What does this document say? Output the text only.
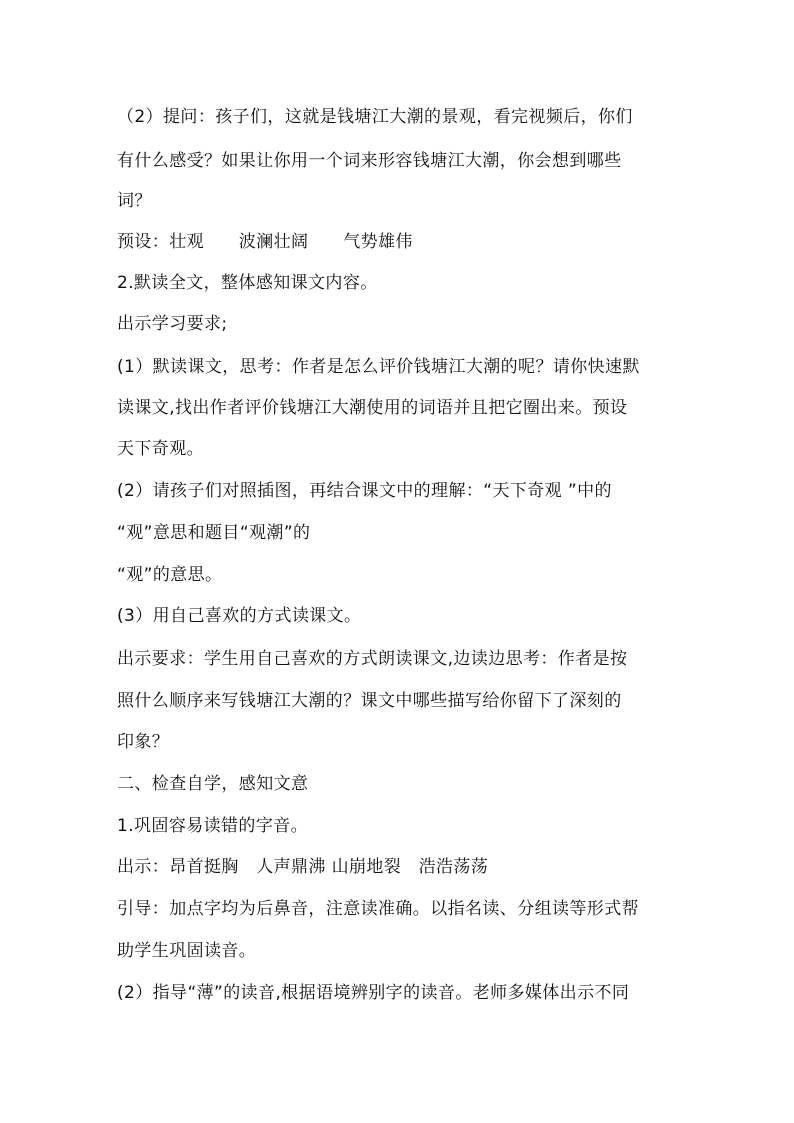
（2）提问：孩子们，这就是钱塘江大潮的景观，看完视频后，你们
有什么感受？如果让你用一个词来形容钱塘江大潮，你会想到哪些
词？
预设：壮观　　波澜壮阔　　气势雄伟
2.默读全文，整体感知课文内容。
出示学习要求;
(1）默读课文，思考：作者是怎么评价钱塘江大潮的呢？请你快速默
读课文,找出作者评价钱塘江大潮使用的词语并且把它圈出来。预设
天下奇观。
(2）请孩子们对照插图，再结合课文中的理解：“天下奇观 ”中的
“观”意思和题目“观潮”的
“观”的意思。
(3）用自己喜欢的方式读课文。
出示要求：学生用自己喜欢的方式朗读课文,边读边思考：作者是按
照什么顺序来写钱塘江大潮的？课文中哪些描写给你留下了深刻的
印象？
二、检查自学，感知文意
1.巩固容易读错的字音。
出示：昂首挺胸　人声鼎沸 山崩地裂　浩浩荡荡
引导：加点字均为后鼻音，注意读准确。以指名读、分组读等形式帮
助学生巩固读音。
(2）指导“薄”的读音,根据语境辨别字的读音。老师多媒体出示不同
